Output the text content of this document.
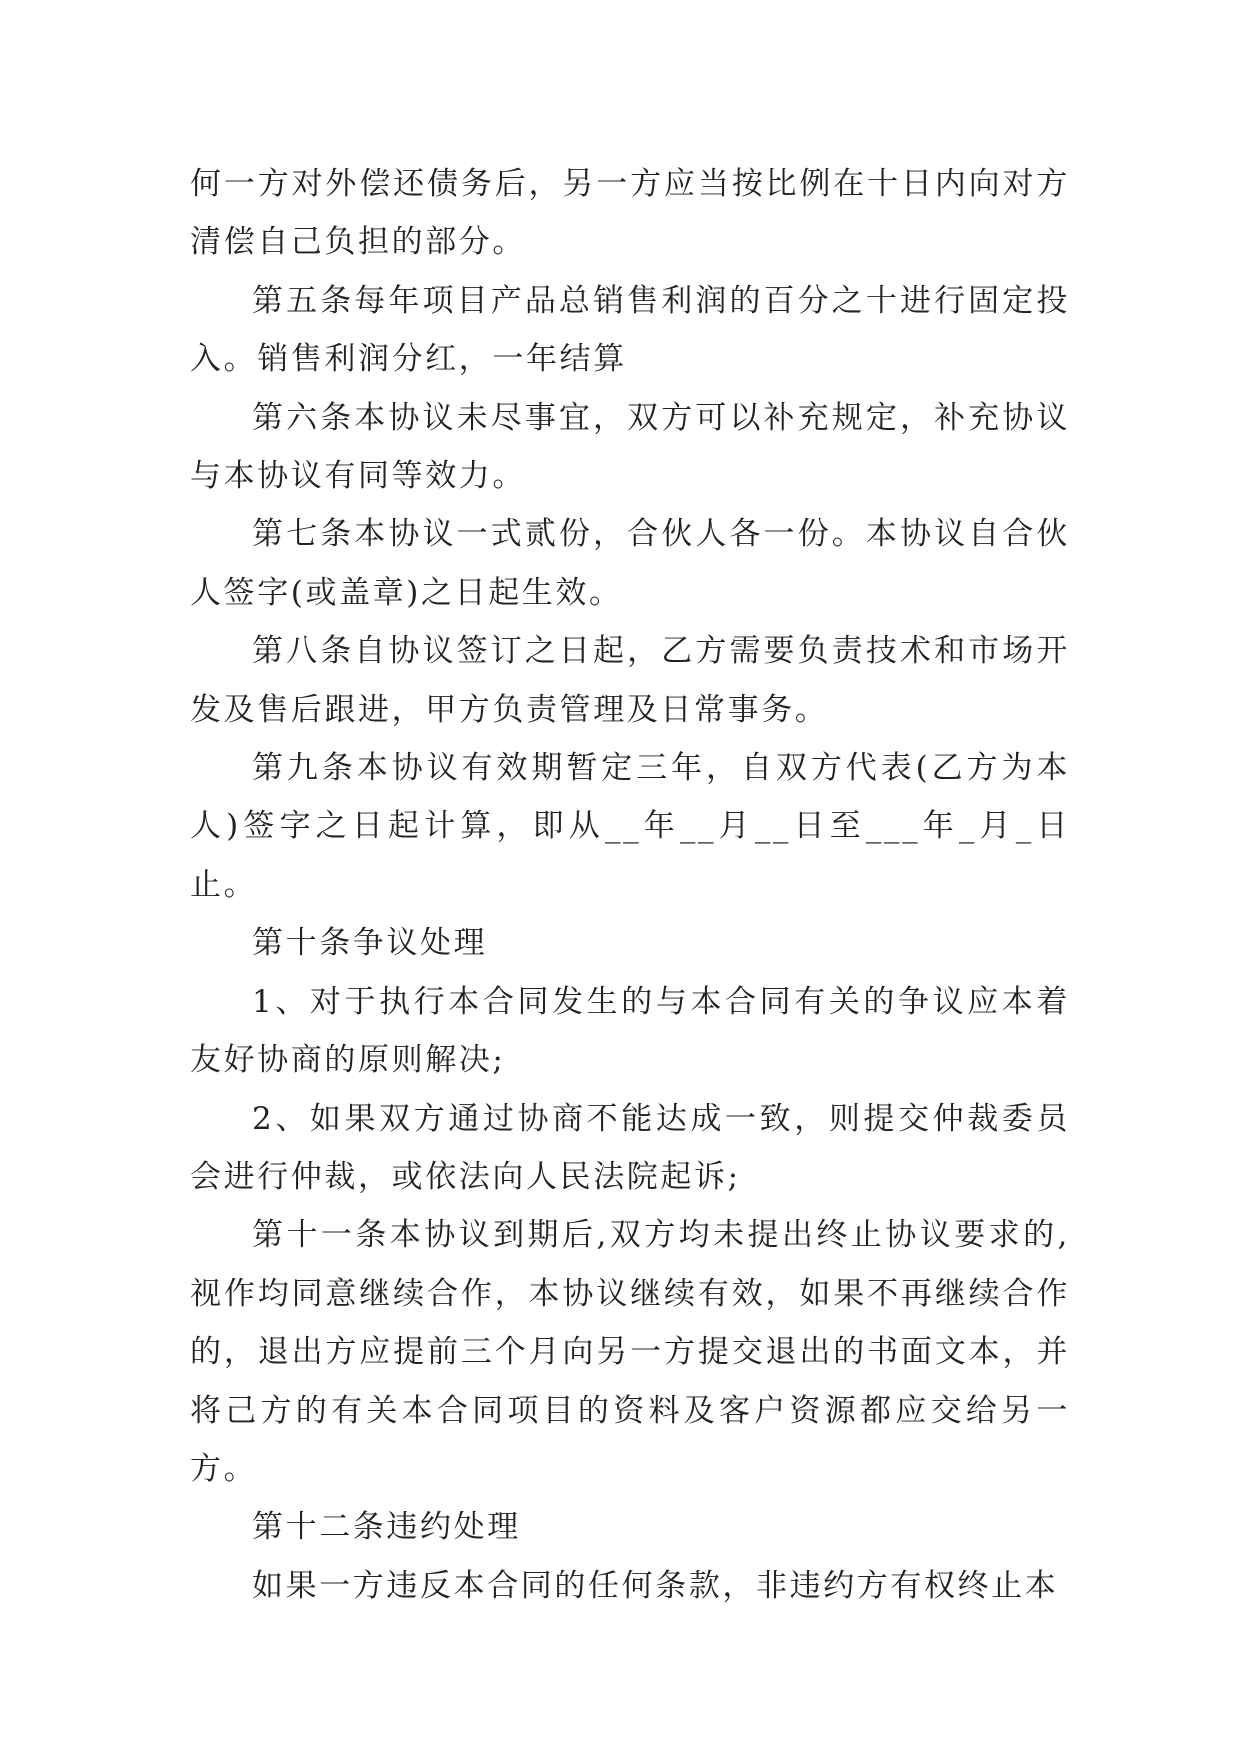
何一方对外偿还债务后，另一方应当按比例在十日内向对方清偿自己负担的部分。

第五条每年项目产品总销售利润的百分之十进行固定投入。销售利润分红，一年结算

第六条本协议未尽事宜，双方可以补充规定，补充协议与本协议有同等效力。

第七条本协议一式贰份，合伙人各一份。本协议自合伙人签字(或盖章)之日起生效。

第八条自协议签订之日起，乙方需要负责技术和市场开发及售后跟进，甲方负责管理及日常事务。

第九条本协议有效期暂定三年，自双方代表(乙方为本人)签字之日起计算，即从__年__月__日至___年_月_日止。

第十条争议处理

1、对于执行本合同发生的与本合同有关的争议应本着友好协商的原则解决;

2、如果双方通过协商不能达成一致，则提交仲裁委员会进行仲裁，或依法向人民法院起诉;

第十一条本协议到期后,双方均未提出终止协议要求的,视作均同意继续合作，本协议继续有效，如果不再继续合作的，退出方应提前三个月向另一方提交退出的书面文本，并将己方的有关本合同项目的资料及客户资源都应交给另一方。

第十二条违约处理

如果一方违反本合同的任何条款，非违约方有权终止本
